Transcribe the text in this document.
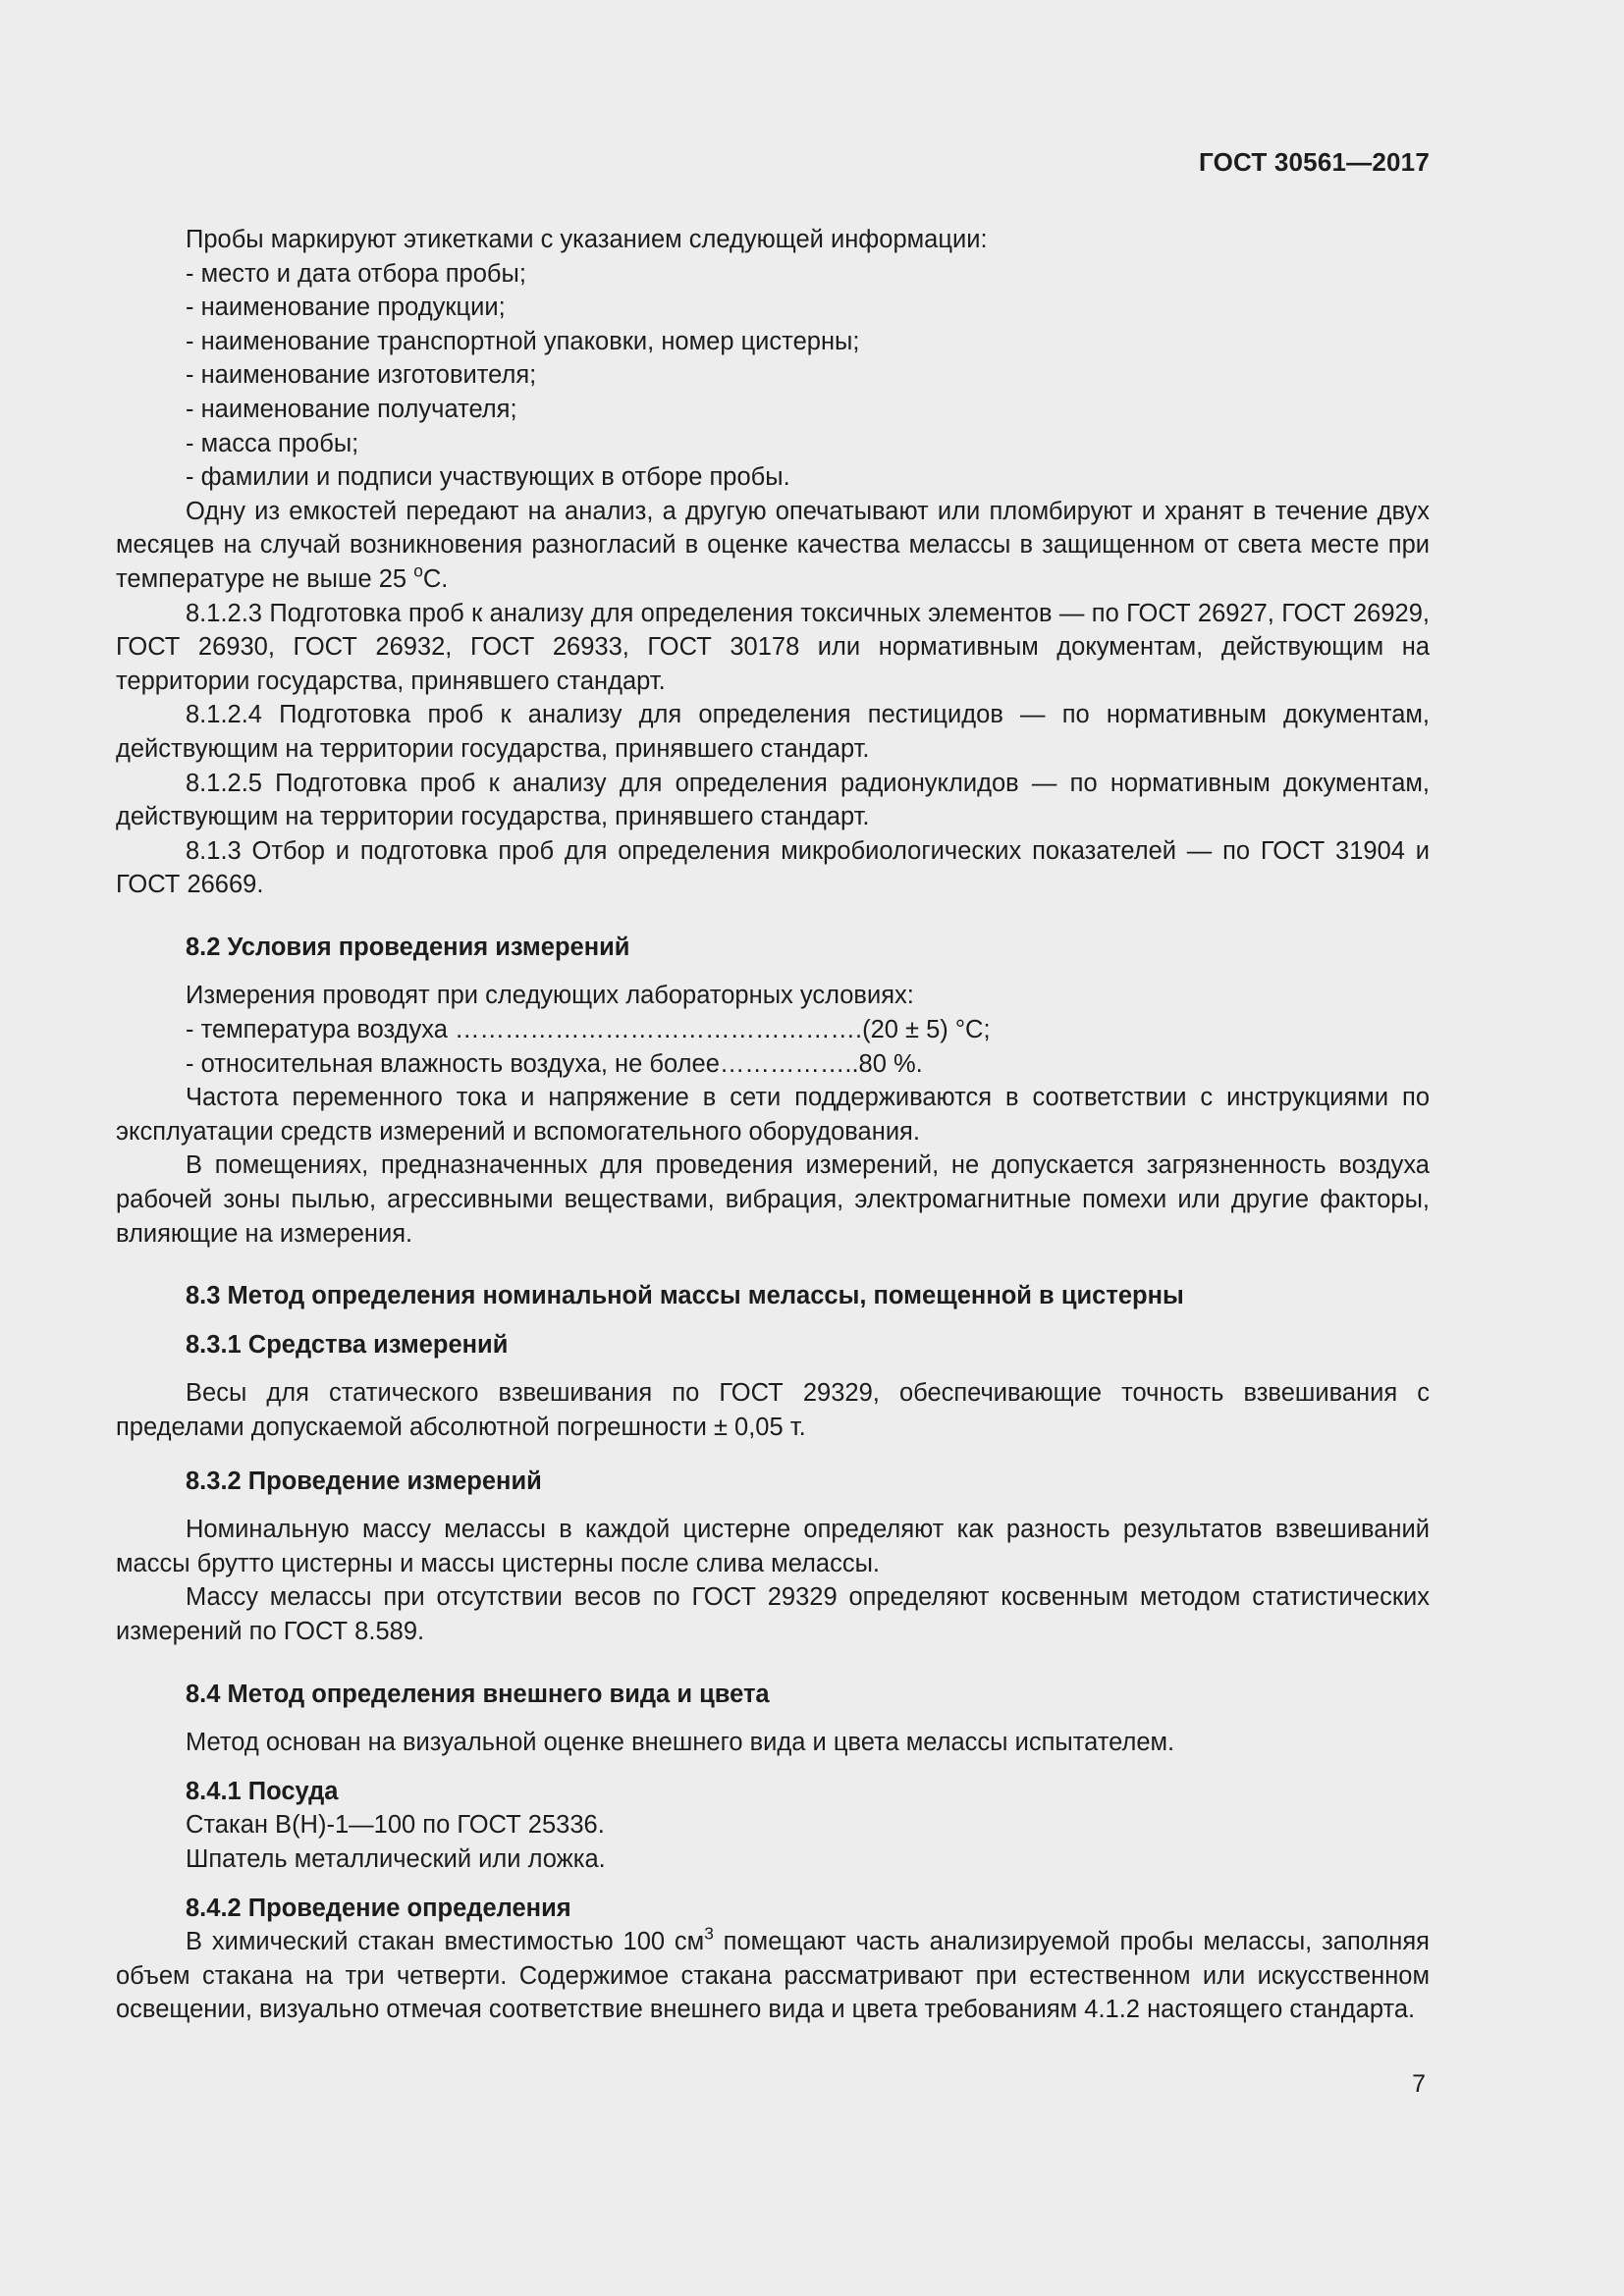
ГОСТ 30561—2017
Пробы маркируют этикетками с указанием следующей информации:
- место и дата отбора пробы;
- наименование продукции;
- наименование транспортной упаковки, номер цистерны;
- наименование изготовителя;
- наименование получателя;
- масса пробы;
- фамилии и подписи участвующих в отборе пробы.
Одну из емкостей передают на анализ, а другую опечатывают или пломбируют и хранят в течение двух месяцев на случай возникновения разногласий в оценке качества мелассы в защищенном от света месте при температуре не выше 25 $^о$С.
8.1.2.3 Подготовка проб к анализу для определения токсичных элементов — по ГОСТ 26927, ГОСТ 26929, ГОСТ 26930, ГОСТ 26932, ГОСТ 26933, ГОСТ 30178 или нормативным документам, действующим на территории государства, принявшего стандарт.
8.1.2.4 Подготовка проб к анализу для определения пестицидов — по нормативным документам, действующим на территории государства, принявшего стандарт.
8.1.2.5 Подготовка проб к анализу для определения радионуклидов — по нормативным документам, действующим на территории государства, принявшего стандарт.
8.1.3 Отбор и подготовка проб для определения микробиологических показателей — по ГОСТ 31904 и ГОСТ 26669.
8.2 Условия проведения измерений
Измерения проводят при следующих лабораторных условиях:
- температура воздуха ………………………………………….(20 ± 5) °С;
- относительная влажность воздуха, не более……………..80 %.
Частота переменного тока и напряжение в сети поддерживаются в соответствии с инструкциями по эксплуатации средств измерений и вспомогательного оборудования.
В помещениях, предназначенных для проведения измерений, не допускается загрязненность воздуха рабочей зоны пылью, агрессивными веществами, вибрация, электромагнитные помехи или другие факторы, влияющие на измерения.
8.3 Метод определения номинальной массы мелассы, помещенной в цистерны
8.3.1 Средства измерений
Весы для статического взвешивания по ГОСТ 29329, обеспечивающие точность взвешивания с пределами допускаемой абсолютной погрешности ± 0,05 т.
8.3.2 Проведение измерений
Номинальную массу мелассы в каждой цистерне определяют как разность результатов взвешиваний массы брутто цистерны и массы цистерны после слива мелассы.
Массу мелассы при отсутствии весов по ГОСТ 29329 определяют косвенным методом статистических измерений по ГОСТ 8.589.
8.4 Метод определения внешнего вида и цвета
Метод основан на визуальной оценке внешнего вида и цвета мелассы испытателем.
8.4.1 Посуда
Стакан В(Н)-1—100 по ГОСТ 25336.
Шпатель металлический или ложка.
8.4.2 Проведение определения
В химический стакан вместимостью 100 $см^3$ помещают часть анализируемой пробы мелассы, заполняя объем стакана на три четверти. Содержимое стакана рассматривают при естественном или искусственном освещении, визуально отмечая соответствие внешнего вида и цвета требованиям 4.1.2 настоящего стандарта.
7
